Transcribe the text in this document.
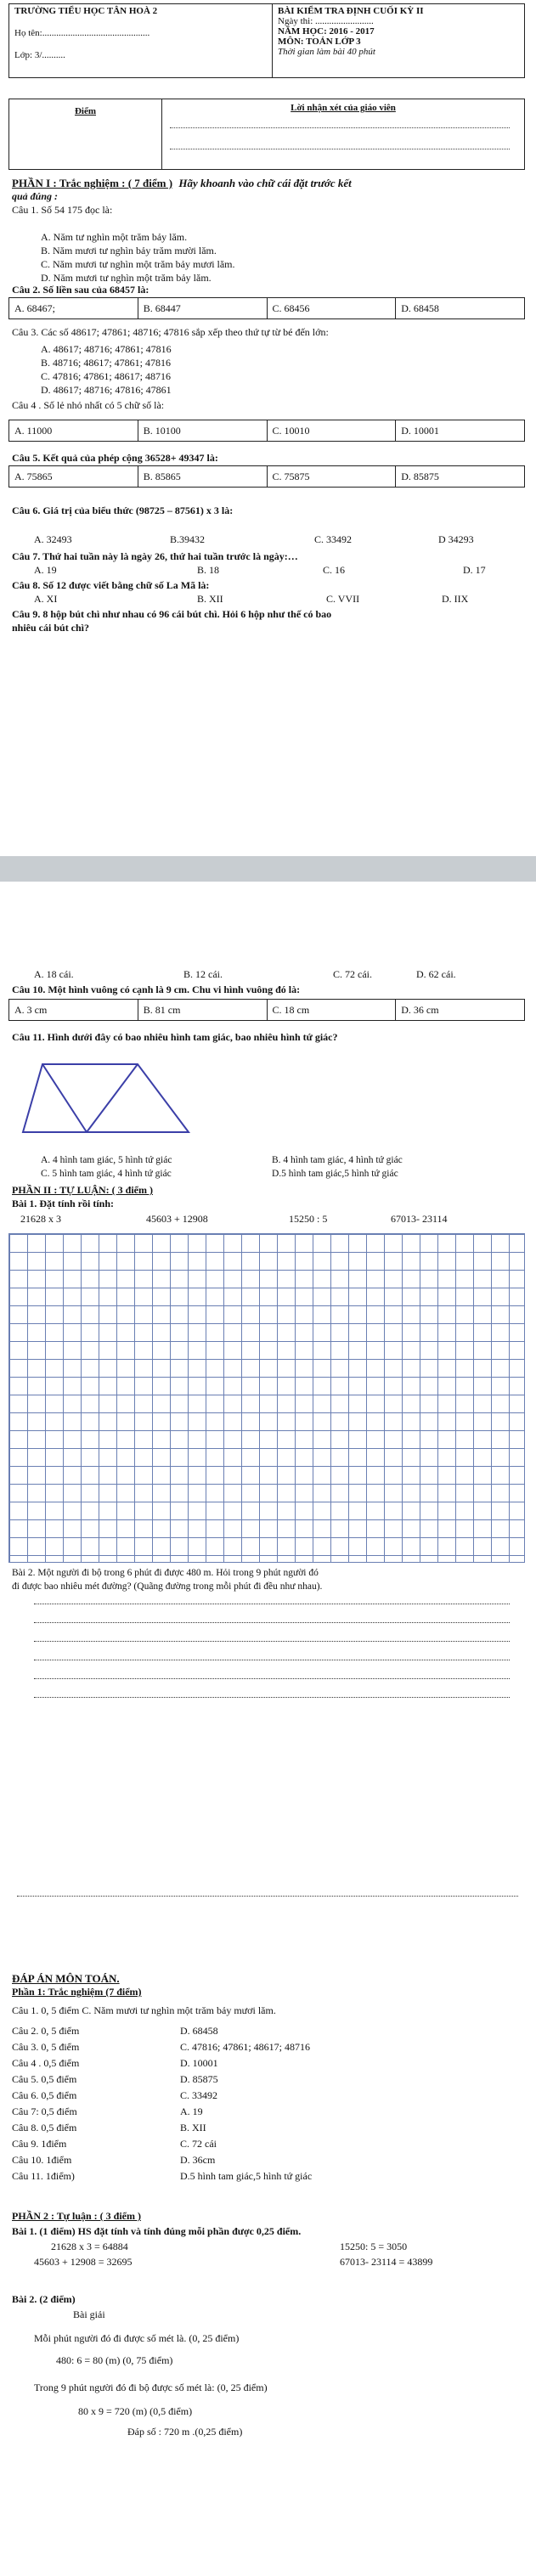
TRƯỜNG TIỂU HỌC TÂN HOÀ 2
Họ tên:..............................................
Lớp: 3/..........
BÀI KIỂM TRA ĐỊNH CUỐI KỲ II
Ngày thi: .........................
NĂM HỌC: 2016 - 2017
MÔN: TOÁN LỚP 3
Thời gian làm bài 40 phút
Điểm	Lời nhận xét của giáo viên
PHẦN I : Trắc nghiệm : ( 7 điểm ) Hãy khoanh vào chữ cái đặt trước kết
quả đúng :
Câu 1. Số 54 175 đọc là:
A. Năm tư nghìn một trăm bảy lăm.
B. Năm mươi tư nghìn bảy trăm mười lăm.
C. Năm mươi tư nghìn một trăm bảy mươi lăm.
D. Năm mươi tư nghìn một trăm bảy lăm.
Câu 2. Số liền sau của 68457 là:
A. 68467;	B. 68447	C. 68456	D. 68458
Câu 3. Các số 48617; 47861; 48716; 47816 sắp xếp theo thứ tự từ bé đến lớn:
A. 48617; 48716; 47861; 47816
B. 48716; 48617; 47861; 47816
C. 47816; 47861; 48617; 48716
D. 48617; 48716; 47816; 47861
Câu 4 . Số lẻ nhỏ nhất có 5 chữ số là:
A. 11000	B. 10100	C. 10010	D. 10001
Câu 5. Kết quả của phép cộng 36528+ 49347 là:
A. 75865	B. 85865	C. 75875	D. 85875
Câu 6. Giá trị của biểu thức (98725 – 87561) x 3 là:
A. 32493	B.39432	C. 33492	D 34293
Câu 7. Thứ hai tuần này là ngày 26, thứ hai tuần trước là ngày:…
A. 19	B. 18	C. 16	D. 17
Câu 8. Số 12 được viết bằng chữ số La Mã là:
A. XI	B. XII	C. VVII	D. IIX
Câu 9. 8 hộp bút chì như nhau có 96 cái bút chì. Hỏi 6 hộp như thế có bao
nhiêu cái bút chì?
A. 18 cái.	B. 12 cái.	C. 72 cái.	D. 62 cái.
Câu 10. Một hình vuông có cạnh là 9 cm. Chu vi hình vuông đó là:
A. 3 cm	B. 81 cm	C. 18 cm	D. 36 cm
Câu 11. Hình dưới đây có bao nhiêu hình tam giác, bao nhiêu hình tứ giác?
A. 4 hình tam giác, 5 hình tứ giác	B. 4 hình tam giác, 4 hình tứ giác
C. 5 hình tam giác, 4 hình tứ giác	D.5 hình tam giác,5 hình tứ giác
PHẦN II : TỰ LUẬN: ( 3 điểm )
Bài 1. Đặt tính rồi tính:
21628 x 3	45603 + 12908	15250 : 5	67013- 23114
Bài 2. Một người đi bộ trong 6 phút đi được 480 m. Hỏi trong 9 phút người đó
đi được bao nhiêu mét đường? (Quãng đường trong mỗi phút đi đều như nhau).
ĐÁP ÁN MÔN TOÁN.
Phần 1: Trắc nghiệm (7 điểm)
Câu 1. 0, 5 điểm C. Năm mươi tư nghìn một trăm bảy mươi lăm.
Câu 2. 0, 5 điểm	D. 68458
Câu 3. 0, 5 điểm	C. 47816; 47861; 48617; 48716
Câu 4 . 0,5 điểm	D. 10001
Câu 5. 0,5 điểm	D. 85875
Câu 6. 0,5 điểm	C. 33492
Câu 7: 0,5 điểm	A. 19
Câu 8. 0,5 điểm	B. XII
Câu 9. 1điểm	C. 72 cái
Câu 10. 1điểm	D. 36cm
Câu 11. 1điểm)	D.5 hình tam giác,5 hình tứ giác
PHẦN 2 : Tự luận : ( 3 điểm )
Bài 1. (1 điểm) HS đặt tính và tính đúng mỗi phần được 0,25 điểm.
21628 x 3 = 64884	15250: 5 = 3050
45603 + 12908 = 32695	67013- 23114 = 43899
Bài 2. (2 điểm)
Bài giải
Mỗi phút người đó đi được số mét là. (0, 25 điểm)
480: 6 = 80 (m) (0, 75 điểm)
Trong 9 phút người đó đi bộ được số mét là: (0, 25 điểm)
80 x 9 = 720 (m) (0,5 điểm)
Đáp số : 720 m .(0,25 điểm)
